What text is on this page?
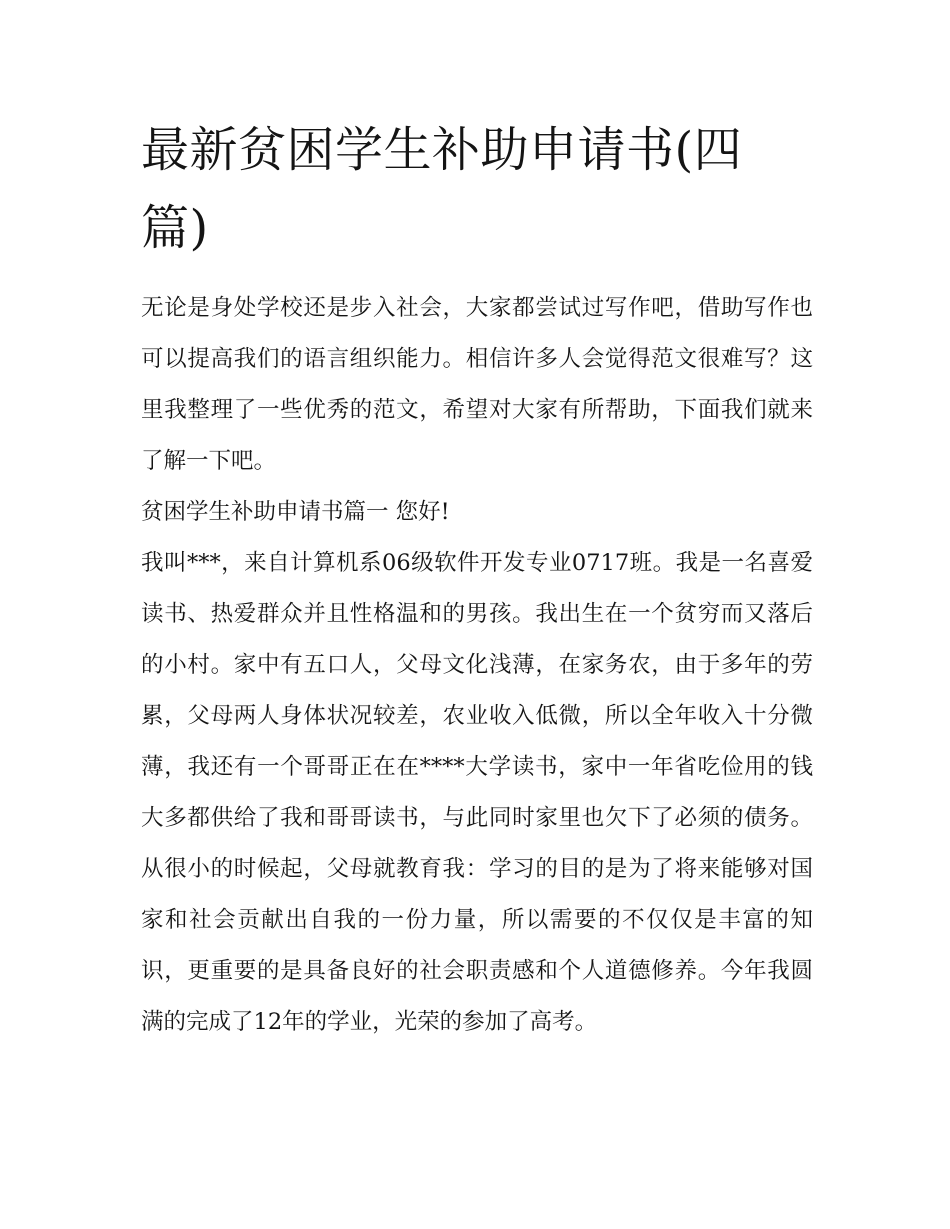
最新贫困学生补助申请书(四篇)

无论是身处学校还是步入社会，大家都尝试过写作吧，借助写作也可以提高我们的语言组织能力。相信许多人会觉得范文很难写？这里我整理了一些优秀的范文，希望对大家有所帮助，下面我们就来了解一下吧。

贫困学生补助申请书篇一 您好!

我叫***，来自计算机系06级软件开发专业0717班。我是一名喜爱读书、热爱群众并且性格温和的男孩。我出生在一个贫穷而又落后的小村。家中有五口人，父母文化浅薄，在家务农，由于多年的劳累，父母两人身体状况较差，农业收入低微，所以全年收入十分微薄，我还有一个哥哥正在在****大学读书，家中一年省吃俭用的钱大多都供给了我和哥哥读书，与此同时家里也欠下了必须的债务。从很小的时候起，父母就教育我：学习的目的是为了将来能够对国家和社会贡献出自我的一份力量，所以需要的不仅仅是丰富的知识，更重要的是具备良好的社会职责感和个人道德修养。今年我圆满的完成了12年的学业，光荣的参加了高考。
